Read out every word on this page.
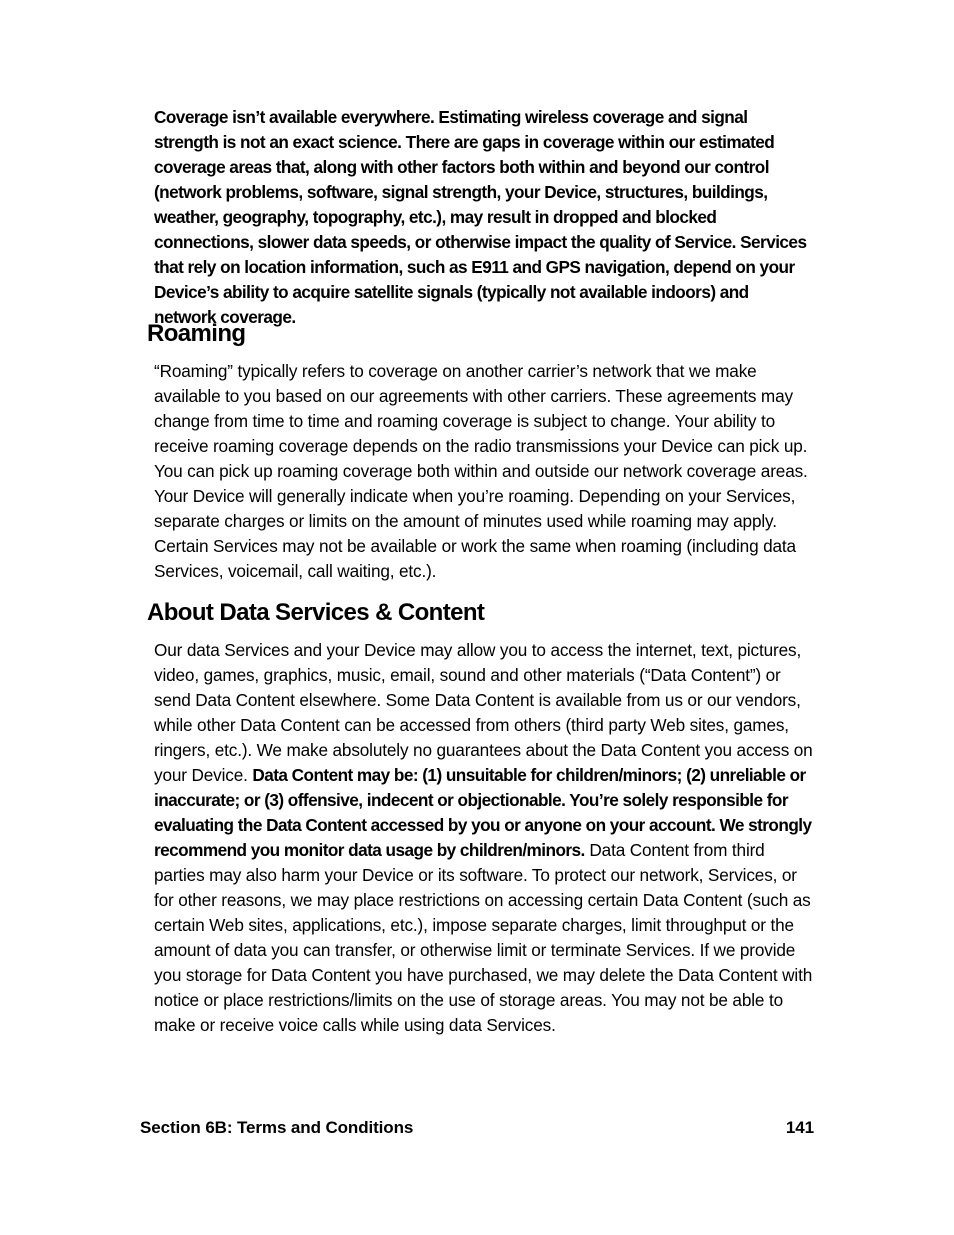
Coverage isn’t available everywhere. Estimating wireless coverage and signal strength is not an exact science. There are gaps in coverage within our estimated coverage areas that, along with other factors both within and beyond our control (network problems, software, signal strength, your Device, structures, buildings, weather, geography, topography, etc.), may result in dropped and blocked connections, slower data speeds, or otherwise impact the quality of Service. Services that rely on location information, such as E911 and GPS navigation, depend on your Device’s ability to acquire satellite signals (typically not available indoors) and network coverage.

Roaming

“Roaming” typically refers to coverage on another carrier’s network that we make available to you based on our agreements with other carriers. These agreements may change from time to time and roaming coverage is subject to change. Your ability to receive roaming coverage depends on the radio transmissions your Device can pick up. You can pick up roaming coverage both within and outside our network coverage areas. Your Device will generally indicate when you’re roaming. Depending on your Services, separate charges or limits on the amount of minutes used while roaming may apply. Certain Services may not be available or work the same when roaming (including data Services, voicemail, call waiting, etc.).

About Data Services & Content

Our data Services and your Device may allow you to access the internet, text, pictures, video, games, graphics, music, email, sound and other materials (“Data Content”) or send Data Content elsewhere. Some Data Content is available from us or our vendors, while other Data Content can be accessed from others (third party Web sites, games, ringers, etc.). We make absolutely no guarantees about the Data Content you access on your Device. Data Content may be: (1) unsuitable for children/minors; (2) unreliable or inaccurate; or (3) offensive, indecent or objectionable. You’re solely responsible for evaluating the Data Content accessed by you or anyone on your account. We strongly recommend you monitor data usage by children/minors. Data Content from third parties may also harm your Device or its software. To protect our network, Services, or for other reasons, we may place restrictions on accessing certain Data Content (such as certain Web sites, applications, etc.), impose separate charges, limit throughput or the amount of data you can transfer, or otherwise limit or terminate Services. If we provide you storage for Data Content you have purchased, we may delete the Data Content with notice or place restrictions/limits on the use of storage areas. You may not be able to make or receive voice calls while using data Services.

Section 6B: Terms and Conditions	141
